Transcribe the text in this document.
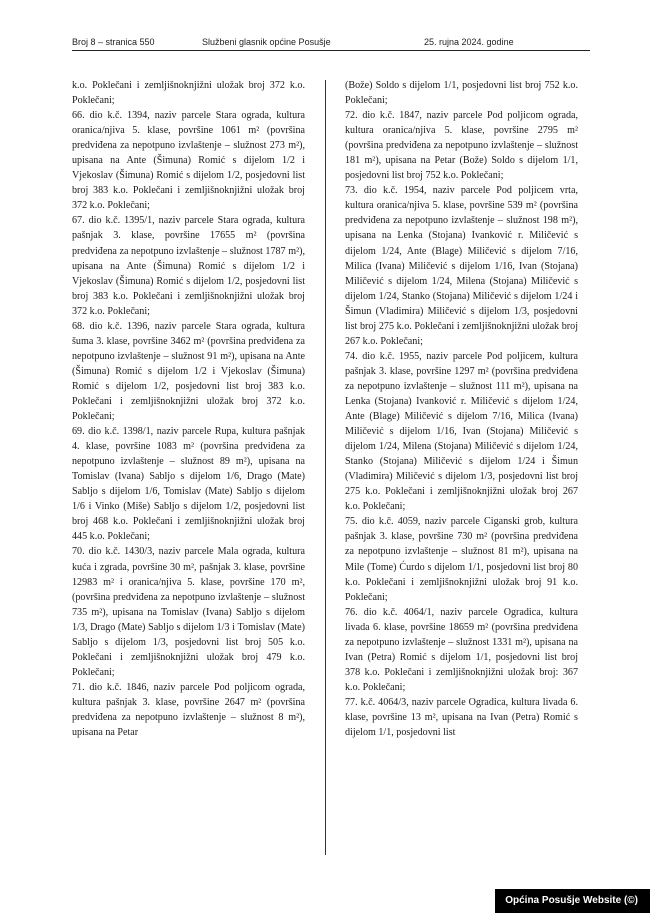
Broj 8 – stranica 550	Službeni glasnik općine Posušje	25. rujna 2024. godine

k.o. Poklečani i zemljišnoknjižni uložak broj 372 k.o. Poklečani;

66. dio k.č. 1394, naziv parcele Stara ograda, kultura oranica/njiva 5. klase, površine 1061 m² (površina predviđena za nepotpuno izvlaštenje – služnost 273 m²), upisana na Ante (Šimuna) Romić s dijelom 1/2 i Vjekoslav (Šimuna) Romić s dijelom 1/2, posjedovni list broj 383 k.o. Poklečani i zemljišnoknjižni uložak broj 372 k.o. Poklečani;

67. dio k.č. 1395/1, naziv parcele Stara ograda, kultura pašnjak 3. klase, površine 17655 m² (površina predviđena za nepotpuno izvlaštenje – služnost 1787 m²), upisana na Ante (Šimuna) Romić s dijelom 1/2 i Vjekoslav (Šimuna) Romić s dijelom 1/2, posjedovni list broj 383 k.o. Poklečani i zemljišnoknjižni uložak broj 372 k.o. Poklečani;

68. dio k.č. 1396, naziv parcele Stara ograda, kultura šuma 3. klase, površine 3462 m² (površina predviđena za nepotpuno izvlaštenje – služnost 91 m²), upisana na Ante (Šimuna) Romić s dijelom 1/2 i Vjekoslav (Šimuna) Romić s dijelom 1/2, posjedovni list broj 383 k.o. Poklečani i zemljišnoknjižni uložak broj 372 k.o. Poklečani;

69. dio k.č. 1398/1, naziv parcele Rupa, kultura pašnjak 4. klase, površine 1083 m² (površina predviđena za nepotpuno izvlaštenje – služnost 89 m²), upisana na Tomislav (Ivana) Sabljo s dijelom 1/6, Drago (Mate) Sabljo s dijelom 1/6, Tomislav (Mate) Sabljo s dijelom 1/6 i Vinko (Miše) Sabljo s dijelom 1/2, posjedovni list broj 468 k.o. Poklečani i zemljišnoknjižni uložak broj 445 k.o. Poklečani;

70. dio k.č. 1430/3, naziv parcele Mala ograda, kultura kuća i zgrada, površine 30 m², pašnjak 3. klase, površine 12983 m² i oranica/njiva 5. klase, površine 170 m², (površina predviđena za nepotpuno izvlaštenje – služnost 735 m²), upisana na Tomislav (Ivana) Sabljo s dijelom 1/3, Drago (Mate) Sabljo s dijelom 1/3 i Tomislav (Mate) Sabljo s dijelom 1/3, posjedovni list broj 505 k.o. Poklečani i zemljišnoknjižni uložak broj 479 k.o. Poklečani;

71. dio k.č. 1846, naziv parcele Pod poljicom ograda, kultura pašnjak 3. klase, površine 2647 m² (površina predviđena za nepotpuno izvlaštenje – služnost 8 m²), upisana na Petar

(Bože) Soldo s dijelom 1/1, posjedovni list broj 752 k.o. Poklečani;

72. dio k.č. 1847, naziv parcele Pod poljicom ograda, kultura oranica/njiva 5. klase, površine 2795 m² (površina predviđena za nepotpuno izvlaštenje – služnost 181 m²), upisana na Petar (Bože) Soldo s dijelom 1/1, posjedovni list broj 752 k.o. Poklečani;

73. dio k.č. 1954, naziv parcele Pod poljicem vrta, kultura oranica/njiva 5. klase, površine 539 m² (površina predviđena za nepotpuno izvlaštenje – služnost 198 m²), upisana na Lenka (Stojana) Ivanković r. Miličević s dijelom 1/24, Ante (Blage) Miličević s dijelom 7/16, Milica (Ivana) Miličević s dijelom 1/16, Ivan (Stojana) Miličević s dijelom 1/24, Milena (Stojana) Miličević s dijelom 1/24, Stanko (Stojana) Miličević s dijelom 1/24 i Šimun (Vladimira) Miličević s dijelom 1/3, posjedovni list broj 275 k.o. Poklečani i zemljišnoknjižni uložak broj 267 k.o. Poklečani;

74. dio k.č. 1955, naziv parcele Pod poljicem, kultura pašnjak 3. klase, površine 1297 m² (površina predviđena za nepotpuno izvlaštenje – služnost 111 m²), upisana na Lenka (Stojana) Ivanković r. Miličević s dijelom 1/24, Ante (Blage) Miličević s dijelom 7/16, Milica (Ivana) Miličević s dijelom 1/16, Ivan (Stojana) Miličević s dijelom 1/24, Milena (Stojana) Miličević s dijelom 1/24, Stanko (Stojana) Miličević s dijelom 1/24 i Šimun (Vladimira) Miličević s dijelom 1/3, posjedovni list broj 275 k.o. Poklečani i zemljišnoknjižni uložak broj 267 k.o. Poklečani;

75. dio k.č. 4059, naziv parcele Ciganski grob, kultura pašnjak 3. klase, površine 730 m² (površina predviđena za nepotpuno izvlaštenje – služnost 81 m²), upisana na Mile (Tome) Ćurdo s dijelom 1/1, posjedovni list broj 80 k.o. Poklečani i zemljišnoknjižni uložak broj 91 k.o. Poklečani;

76. dio k.č. 4064/1, naziv parcele Ogradica, kultura livada 6. klase, površine 18659 m² (površina predviđena za nepotpuno izvlaštenje – služnost 1331 m²), upisana na Ivan (Petra) Romić s dijelom 1/1, posjedovni list broj 378 k.o. Poklečani i zemljišnoknjižni uložak broj: 367 k.o. Poklečani;

77. k.č. 4064/3, naziv parcele Ogradica, kultura livada 6. klase, površine 13 m², upisana na Ivan (Petra) Romić s dijelom 1/1, posjedovni list

Općina Posušje Website (©)
